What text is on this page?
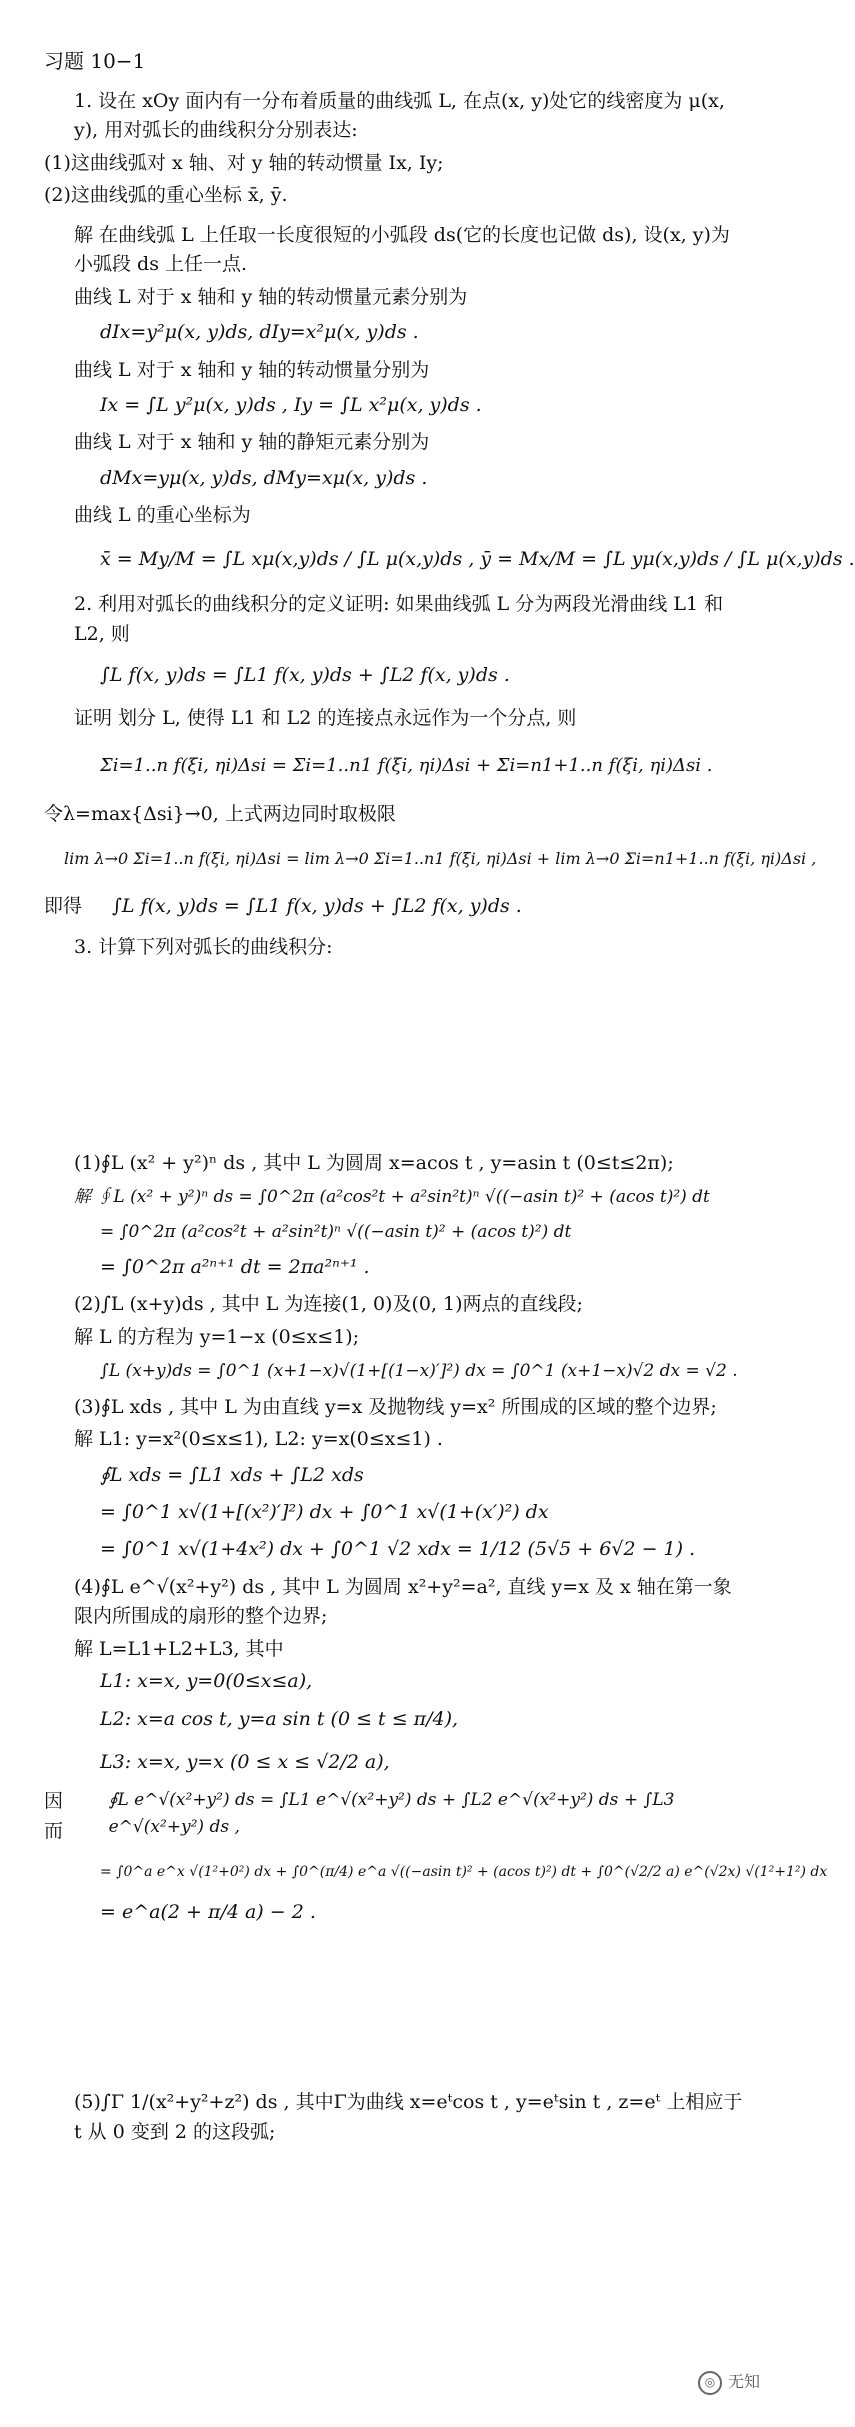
习题 10−1
1. 设在 xOy 面内有一分布着质量的曲线弧 L, 在点(x, y)处它的线密度为 μ(x, y), 用对弧长的曲线积分分别表达:
(1)这曲线弧对 x 轴、对 y 轴的转动惯量 Ix, Iy;
(2)这曲线弧的重心坐标 x̄, ȳ.
解 在曲线弧 L 上任取一长度很短的小弧段 ds(它的长度也记做 ds), 设(x, y)为小弧段 ds 上任一点.
曲线 L 对于 x 轴和 y 轴的转动惯量元素分别为
dIx=y²μ(x, y)ds, dIy=x²μ(x, y)ds .
曲线 L 对于 x 轴和 y 轴的转动惯量分别为
Ix = ∫L y²μ(x, y)ds , Iy = ∫L x²μ(x, y)ds .
曲线 L 对于 x 轴和 y 轴的静矩元素分别为
dMx=yμ(x, y)ds, dMy=xμ(x, y)ds .
曲线 L 的重心坐标为
x̄ = My/M = ∫L xμ(x,y)ds / ∫L μ(x,y)ds , ȳ = Mx/M = ∫L yμ(x,y)ds / ∫L μ(x,y)ds .
2. 利用对弧长的曲线积分的定义证明: 如果曲线弧 L 分为两段光滑曲线 L1 和 L2, 则
∫L f(x, y)ds = ∫L1 f(x, y)ds + ∫L2 f(x, y)ds .
证明 划分 L, 使得 L1 和 L2 的连接点永远作为一个分点, 则
Σi=1..n f(ξi, ηi)Δsi = Σi=1..n1 f(ξi, ηi)Δsi + Σi=n1+1..n f(ξi, ηi)Δsi .
令λ=max{Δsi}→0, 上式两边同时取极限
lim λ→0 Σi=1..n f(ξi, ηi)Δsi = lim λ→0 Σi=1..n1 f(ξi, ηi)Δsi + lim λ→0 Σi=n1+1..n f(ξi, ηi)Δsi ,
即得 ∫L f(x, y)ds = ∫L1 f(x, y)ds + ∫L2 f(x, y)ds .
3. 计算下列对弧长的曲线积分:
(1)∮L (x² + y²)ⁿ ds , 其中 L 为圆周 x=acos t , y=asin t (0≤t≤2π);
解 ∮L (x² + y²)ⁿ ds = ∫0^2π (a²cos²t + a²sin²t)ⁿ √((−asin t)² + (acos t)²) dt
= ∫0^2π (a²cos²t + a²sin²t)ⁿ √((−asin t)² + (acos t)²) dt
= ∫0^2π a²ⁿ⁺¹ dt = 2πa²ⁿ⁺¹ .
(2)∫L (x+y)ds , 其中 L 为连接(1, 0)及(0, 1)两点的直线段;
解 L 的方程为 y=1−x (0≤x≤1);
∫L (x+y)ds = ∫0^1 (x+1−x)√(1+[(1−x)′]²) dx = ∫0^1 (x+1−x)√2 dx = √2 .
(3)∮L xds , 其中 L 为由直线 y=x 及抛物线 y=x² 所围成的区域的整个边界;
解 L1: y=x²(0≤x≤1), L2: y=x(0≤x≤1) .
∮L xds = ∫L1 xds + ∫L2 xds
= ∫0^1 x√(1+[(x²)′]²) dx + ∫0^1 x√(1+(x′)²) dx
= ∫0^1 x√(1+4x²) dx + ∫0^1 √2 xdx = 1/12 (5√5 + 6√2 − 1) .
(4)∮L e^√(x²+y²) ds , 其中 L 为圆周 x²+y²=a², 直线 y=x 及 x 轴在第一象限内所围成的扇形的整个边界;
解 L=L1+L2+L3, 其中
L1: x=x, y=0(0≤x≤a),
L2: x=a cos t, y=a sin t (0 ≤ t ≤ π/4),
L3: x=x, y=x (0 ≤ x ≤ √2/2 a),
因而
∮L e^√(x²+y²) ds = ∫L1 e^√(x²+y²) ds + ∫L2 e^√(x²+y²) ds + ∫L3 e^√(x²+y²) ds ,
= ∫0^a e^x √(1²+0²) dx + ∫0^(π/4) e^a √((−asin t)² + (acos t)²) dt + ∫0^(√2/2 a) e^(√2x) √(1²+1²) dx
= e^a(2 + π/4 a) − 2 .
(5)∫Γ 1/(x²+y²+z²) ds , 其中Γ为曲线 x=eᵗcos t , y=eᵗsin t , z=eᵗ 上相应于 t 从 0 变到 2 的这段弧;
◎ 无知
